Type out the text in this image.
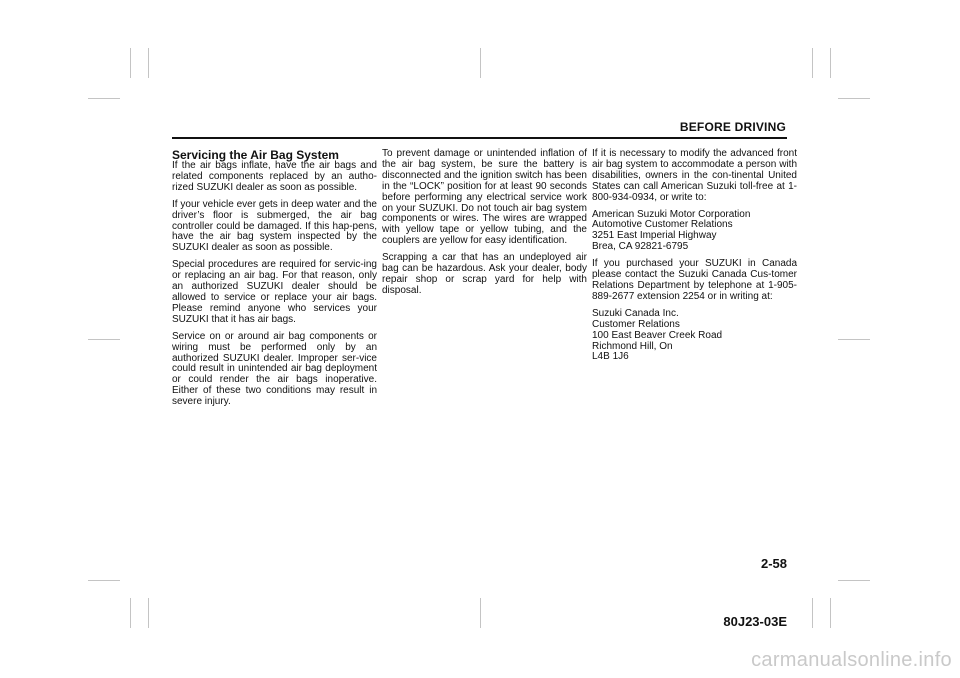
BEFORE DRIVING
Servicing the Air Bag System

If the air bags inflate, have the air bags and related components replaced by an autho-rized SUZUKI dealer as soon as possible.

If your vehicle ever gets in deep water and the driver’s floor is submerged, the air bag controller could be damaged. If this hap-pens, have the air bag system inspected by the SUZUKI dealer as soon as possible.

Special procedures are required for servic-ing or replacing an air bag. For that reason, only an authorized SUZUKI dealer should be allowed to service or replace your air bags. Please remind anyone who services your SUZUKI that it has air bags.

Service on or around air bag components or wiring must be performed only by an authorized SUZUKI dealer. Improper ser-vice could result in unintended air bag deployment or could render the air bags inoperative. Either of these two conditions may result in severe injury.

To prevent damage or unintended inflation of the air bag system, be sure the battery is disconnected and the ignition switch has been in the “LOCK” position for at least 90 seconds before performing any electrical service work on your SUZUKI. Do not touch air bag system components or wires. The wires are wrapped with yellow tape or yellow tubing, and the couplers are yellow for easy identification.

Scrapping a car that has an undeployed air bag can be hazardous. Ask your dealer, body repair shop or scrap yard for help with disposal.

If it is necessary to modify the advanced front air bag system to accommodate a person with disabilities, owners in the con-tinental United States can call American Suzuki toll-free at 1-800-934-0934, or write to:

American Suzuki Motor Corporation
Automotive Customer Relations
3251 East Imperial Highway
Brea, CA 92821-6795

If you purchased your SUZUKI in Canada please contact the Suzuki Canada Cus-tomer Relations Department by telephone at 1-905-889-2677 extension 2254 or in writing at:

Suzuki Canada Inc.
Customer Relations
100 East Beaver Creek Road
Richmond Hill, On
L4B 1J6

2-58
80J23-03E
carmanualsonline.info
